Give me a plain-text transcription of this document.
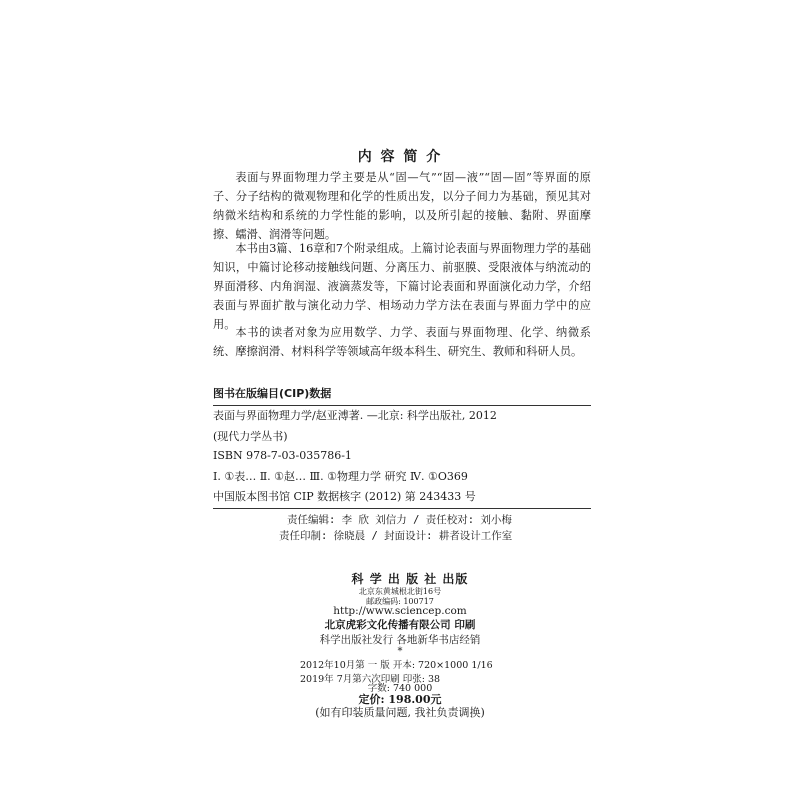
内 容 简 介

表面与界面物理力学主要是从“固—气”“固—液”“固—固”等界面的原子、分子结构的微观物理和化学的性质出发，以分子间力为基础，预见其对纳微米结构和系统的力学性能的影响，以及所引起的接触、黏附、界面摩擦、蠕滑、润滑等问题。

本书由3篇、16章和7个附录组成。上篇讨论表面与界面物理力学的基础知识，中篇讨论移动接触线问题、分离压力、前驱膜、受限液体与纳流动的界面滑移、内角润湿、液滴蒸发等，下篇讨论表面和界面演化动力学，介绍表面与界面扩散与演化动力学、相场动力学方法在表面与界面力学中的应用。

本书的读者对象为应用数学、力学、表面与界面物理、化学、纳微系统、摩擦润滑、材料科学等领域高年级本科生、研究生、教师和科研人员。

图书在版编目(CIP)数据
表面与界面物理力学/赵亚溥著. —北京: 科学出版社, 2012
(现代力学丛书)
ISBN 978-7-03-035786-1
Ⅰ. ①表… Ⅱ. ①赵… Ⅲ. ①物理力学 研究 Ⅳ. ①O369
中国版本图书馆 CIP 数据核字 (2012) 第 243433 号
责任编辑: 李 欣 刘信力 / 责任校对: 刘小梅
责任印制: 徐晓晨 / 封面设计: 耕者设计工作室
科 学 出 版 社 出版
北京东黄城根北街16号
邮政编码: 100717
http://www.sciencep.com
北京虎彩文化传播有限公司 印刷
科学出版社发行 各地新华书店经销
*
2012年10月第 一 版 开本: 720×1000 1/16
2019年 7月第六次印刷 印张: 38
字数: 740 000
定价: 198.00元
(如有印装质量问题, 我社负责调换)
